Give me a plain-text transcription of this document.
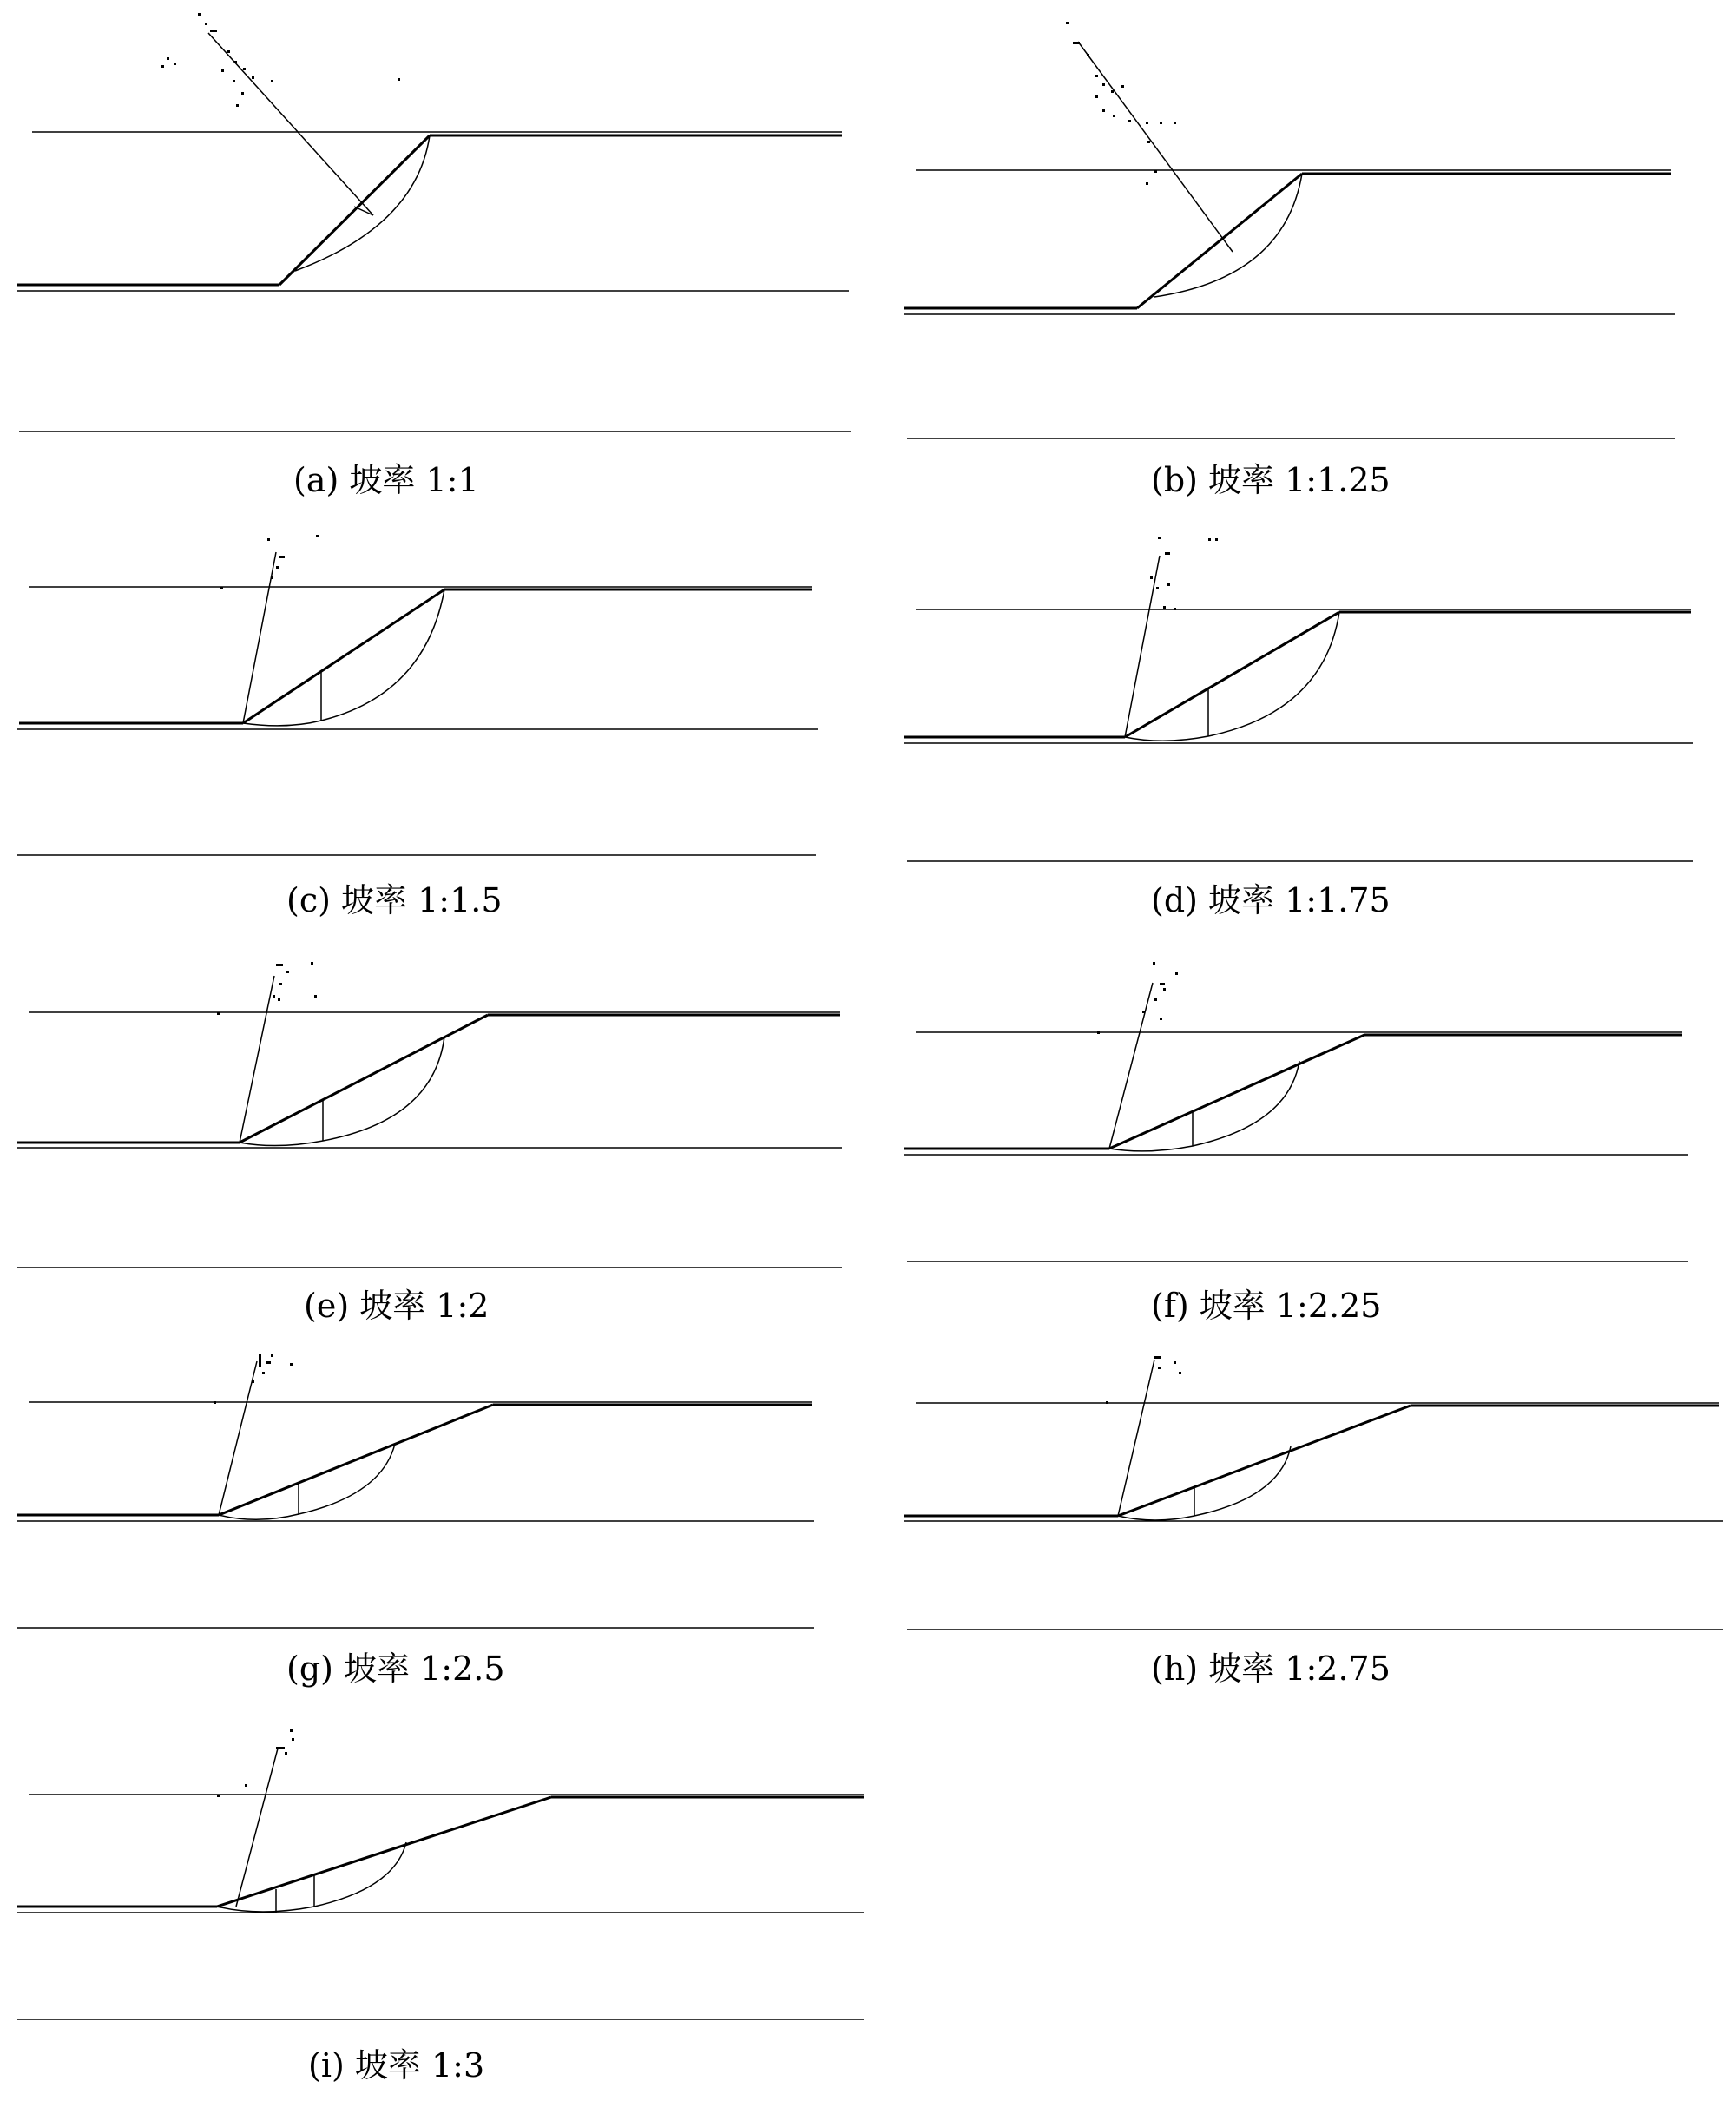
(a) 坡率 1:1	(b) 坡率 1:1.25
(c) 坡率 1:1.5	(d) 坡率 1:1.75
(e) 坡率 1:2	(f) 坡率 1:2.25
(g) 坡率 1:2.5	(h) 坡率 1:2.75
(i) 坡率 1:3
